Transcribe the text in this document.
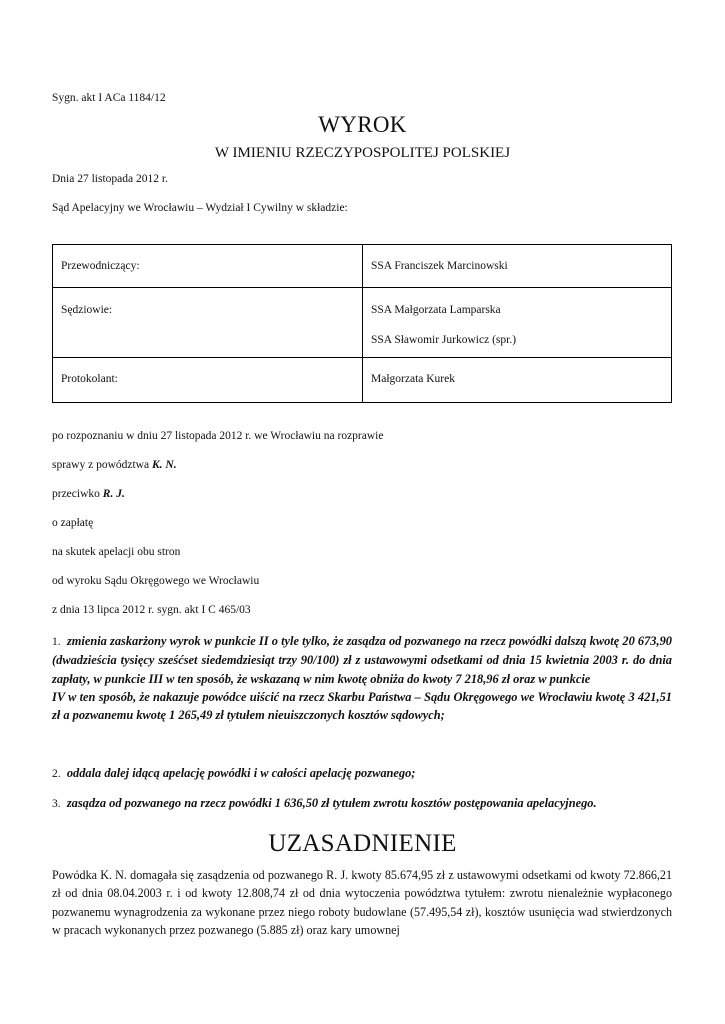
Sygn. akt I ACa 1184/12
WYROK
W IMIENIU RZECZYPOSPOLITEJ POLSKIEJ
Dnia 27 listopada 2012 r.
Sąd Apelacyjny we Wrocławiu – Wydział I Cywilny w składzie:
Przewodniczący:	SSA Franciszek Marcinowski

Sędziowie:	SSA Małgorzata Lamparska
SSA Sławomir Jurkowicz (spr.)

Protokolant:	Małgorzata Kurek
po rozpoznaniu w dniu 27 listopada 2012 r. we Wrocławiu na rozprawie
sprawy z powództwa K. N.
przeciwko R. J.
o zapłatę
na skutek apelacji obu stron
od wyroku Sądu Okręgowego we Wrocławiu
z dnia 13 lipca 2012 r. sygn. akt I C 465/03
1. zmienia zaskarżony wyrok w punkcie II o tyle tylko, że zasądza od pozwanego na rzecz powódki dalszą kwotę 20 673,90 (dwadzieścia tysięcy sześćset siedemdziesiąt trzy 90/100) zł z ustawowymi odsetkami od dnia 15 kwietnia 2003 r. do dnia zapłaty, w punkcie III w ten sposób, że wskazaną w nim kwotę obniża do kwoty 7 218,96 zł oraz w punkcie
IV w ten sposób, że nakazuje powódce uiścić na rzecz Skarbu Państwa – Sądu Okręgowego we Wrocławiu kwotę 3 421,51 zł a pozwanemu kwotę 1 265,49 zł tytułem nieuiszczonych kosztów sądowych;
2. oddala dalej idącą apelację powódki i w całości apelację pozwanego;
3. zasądza od pozwanego na rzecz powódki 1 636,50 zł tytułem zwrotu kosztów postępowania apelacyjnego.
UZASADNIENIE
Powódka K. N. domagała się zasądzenia od pozwanego R. J. kwoty 85.674,95 zł z ustawowymi odsetkami od kwoty 72.866,21 zł od dnia 08.04.2003 r. i od kwoty 12.808,74 zł od dnia wytoczenia powództwa tytułem: zwrotu nienależnie wypłaconego pozwanemu wynagrodzenia za wykonane przez niego roboty budowlane (57.495,54 zł), kosztów usunięcia wad stwierdzonych w pracach wykonanych przez pozwanego (5.885 zł) oraz kary umownej
